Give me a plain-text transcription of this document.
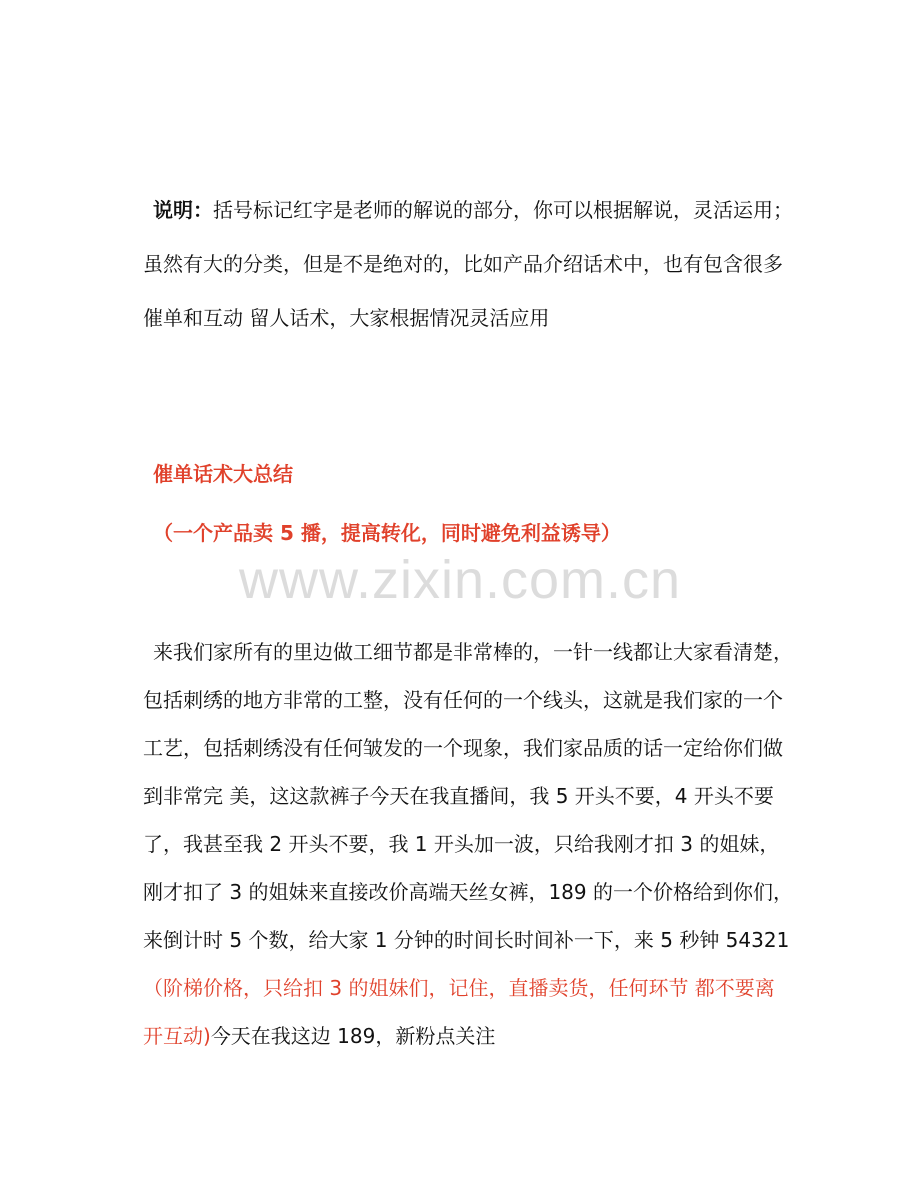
说明：括号标记红字是老师的解说的部分，你可以根据解说，灵活运用； 虽然有大的分类，但是不是绝对的，比如产品介绍话术中，也有包含很多催单和互动 留人话术，大家根据情况灵活应用
催单话术大总结
（一个产品卖 5 播，提高转化，同时避免利益诱导）
www.zixin.com.cn
来我们家所有的里边做工细节都是非常棒的，一针一线都让大家看清楚，包括刺绣的地方非常的工整，没有任何的一个线头，这就是我们家的一个工艺，包括刺绣没有任何皱发的一个现象，我们家品质的话一定给你们做到非常完 美，这这款裤子今天在我直播间，我 5 开头不要，4 开头不要了，我甚至我 2 开头不要，我 1 开头加一波，只给我刚才扣 3 的姐妹，刚才扣了 3 的姐妹来直接改价高端天丝女裤，189 的一个价格给到你们，来倒计时 5 个数，给大家 1 分钟的时间长时间补一下，来 5 秒钟 54321 （阶梯价格，只给扣 3 的姐妹们，记住，直播卖货，任何环节 都不要离开互动)今天在我这边 189，新粉点关注
